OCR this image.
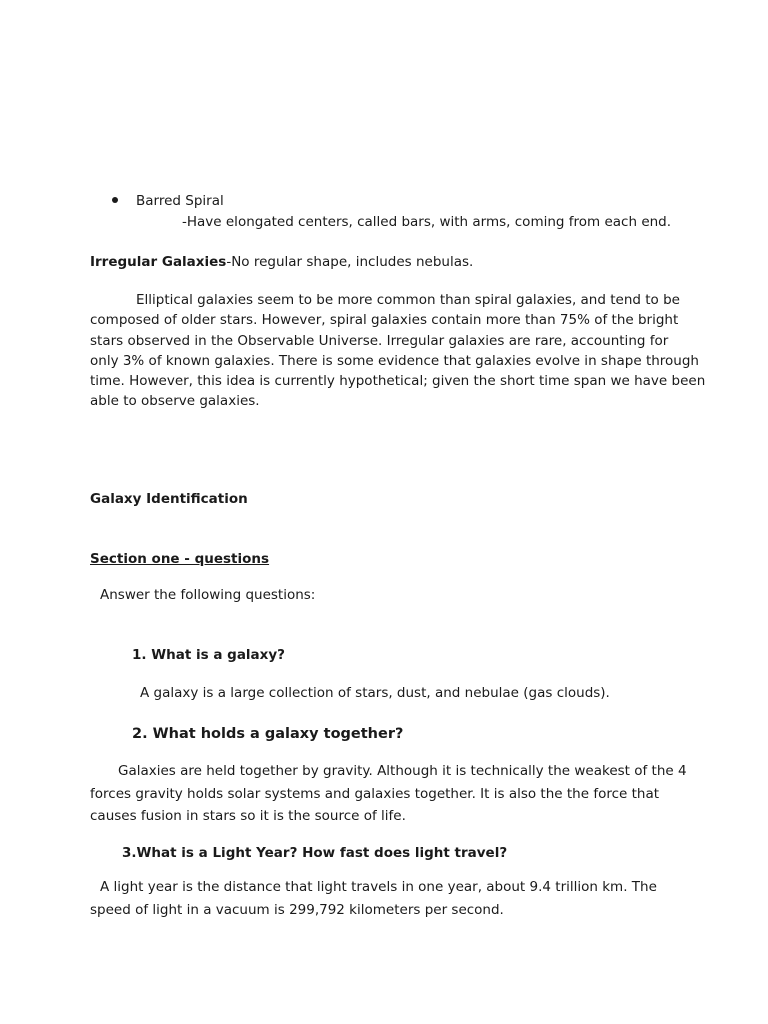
Barred Spiral
-Have elongated centers, called bars, with arms, coming from each end.
Irregular Galaxies-No regular shape, includes nebulas.
Elliptical galaxies seem to be more common than spiral galaxies, and tend to be
composed of older stars. However, spiral galaxies contain more than 75% of the bright
stars observed in the Observable Universe. Irregular galaxies are rare, accounting for
only 3% of known galaxies. There is some evidence that galaxies evolve in shape through
time. However, this idea is currently hypothetical; given the short time span we have been
able to observe galaxies.
Galaxy Identification
Section one - questions
Answer the following questions:
1. What is a galaxy?
A galaxy is a large collection of stars, dust, and nebulae (gas clouds).
2. What holds a galaxy together?
Galaxies are held together by gravity. Although it is technically the weakest of the 4
forces gravity holds solar systems and galaxies together. It is also the the force that
causes fusion in stars so it is the source of life.
3.What is a Light Year? How fast does light travel?
A light year is the distance that light travels in one year, about 9.4 trillion km. The
speed of light in a vacuum is 299,792 kilometers per second.
